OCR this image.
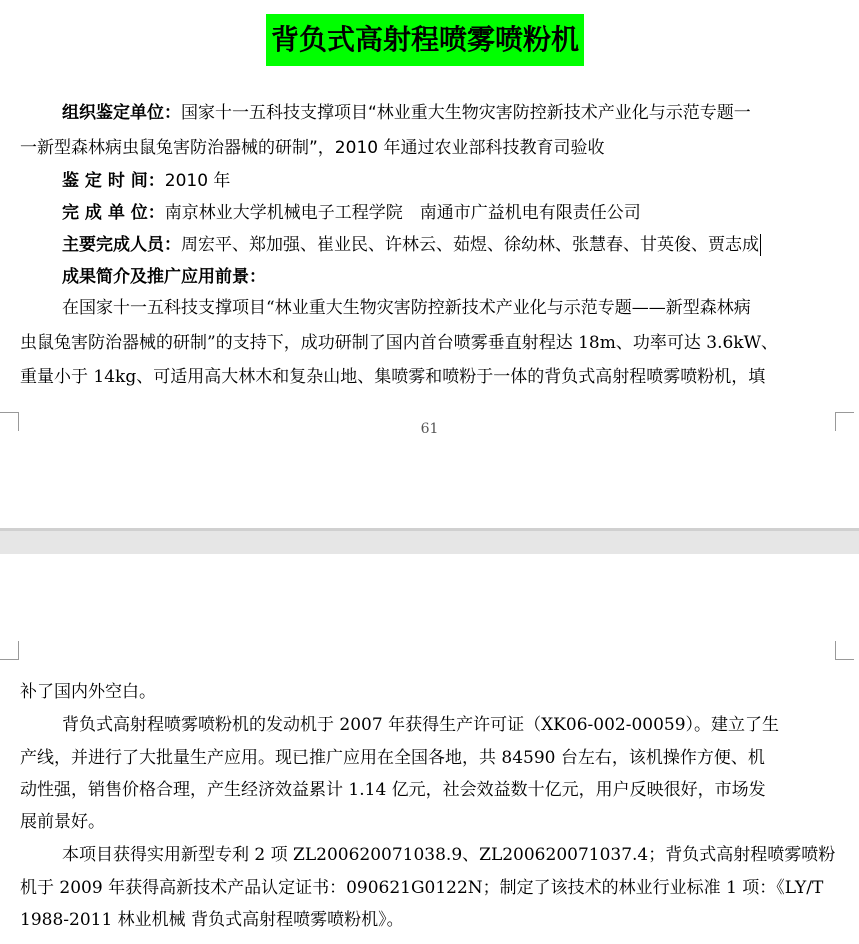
背负式高射程喷雾喷粉机
组织鉴定单位：国家十一五科技支撑项目“林业重大生物灾害防控新技术产业化与示范专题一
一新型森林病虫鼠兔害防治器械的研制”，2010 年通过农业部科技教育司验收
鉴 定 时 间：2010 年
完 成 单 位：南京林业大学机械电子工程学院　南通市广益机电有限责任公司
主要完成人员：周宏平、郑加强、崔业民、许林云、茹煜、徐幼林、张慧春、甘英俊、贾志成
成果简介及推广应用前景：
在国家十一五科技支撑项目“林业重大生物灾害防控新技术产业化与示范专题——新型森林病
虫鼠兔害防治器械的研制”的支持下，成功研制了国内首台喷雾垂直射程达 18m、功率可达 3.6kW、
重量小于 14kg、可适用高大林木和复杂山地、集喷雾和喷粉于一体的背负式高射程喷雾喷粉机，填
61
补了国内外空白。
背负式高射程喷雾喷粉机的发动机于 2007 年获得生产许可证（XK06-002-00059）。建立了生
产线，并进行了大批量生产应用。现已推广应用在全国各地，共 84590 台左右，该机操作方便、机
动性强，销售价格合理，产生经济效益累计 1.14 亿元，社会效益数十亿元，用户反映很好，市场发
展前景好。
本项目获得实用新型专利 2 项 ZL200620071038.9、ZL200620071037.4；背负式高射程喷雾喷粉
机于 2009 年获得高新技术产品认定证书：090621G0122N；制定了该技术的林业行业标准 1 项：《LY/T
1988-2011 林业机械 背负式高射程喷雾喷粉机》。
